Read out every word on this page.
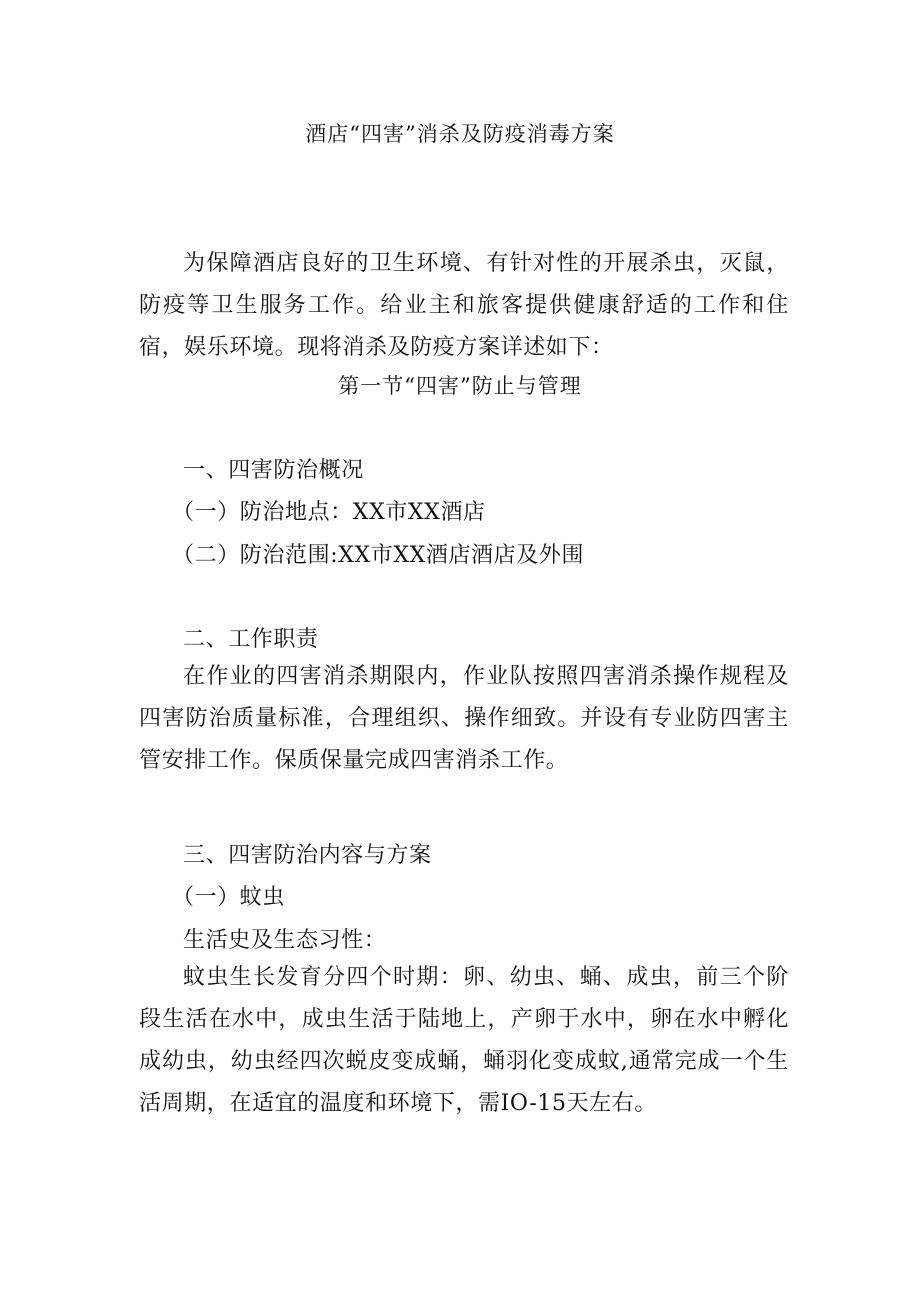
酒店“四害”消杀及防疫消毒方案

为保障酒店良好的卫生环境、有针对性的开展杀虫，灭鼠，防疫等卫生服务工作。给业主和旅客提供健康舒适的工作和住宿，娱乐环境。现将消杀及防疫方案详述如下：

第一节“四害”防止与管理
一、四害防治概况
（一）防治地点：XX市XX酒店
（二）防治范围:XX市XX酒店酒店及外围
二、工作职责

在作业的四害消杀期限内，作业队按照四害消杀操作规程及四害防治质量标准，合理组织、操作细致。并设有专业防四害主管安排工作。保质保量完成四害消杀工作。

三、四害防治内容与方案
（一）蚊虫
生活史及生态习性：

蚊虫生长发育分四个时期：卵、幼虫、蛹、成虫，前三个阶段生活在水中，成虫生活于陆地上，产卵于水中，卵在水中孵化成幼虫，幼虫经四次蜕皮变成蛹，蛹羽化变成蚊,通常完成一个生活周期，在适宜的温度和环境下，需IO-15天左右。
